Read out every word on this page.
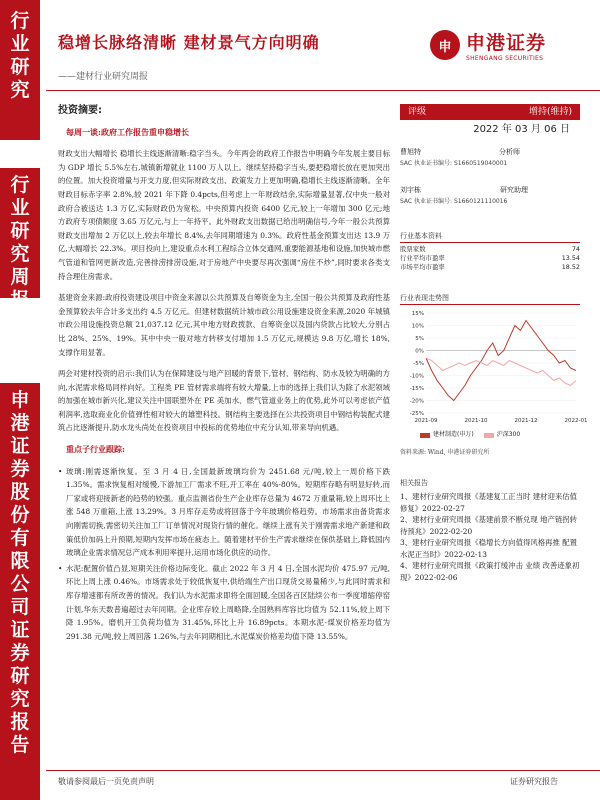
行
业
研
究
行
业
研
究
周
报
申
港
证
券
股
份
有
限
公
司
证
券
研
究
报
告
稳增长脉络清晰 建材景气方向明确
——建材行业研究周报
申 申港证券
SHENGANG SECURITIES
投资摘要:
每周一谈:政府工作报告重申稳增长

财政支出大幅增长 稳增长主线逐渐清晰:稳字当头。今年两会的政府工作报告中明确今年发展主要目标为 GDP 增长 5.5%左右,城镇新增就业 1100 万人以上。继续坚持稳字当头,要把稳增长放在更加突出的位置。加大投资增量与开支力度,但实际财政支出、政策发力上更加明确,稳增长主线逐渐清晰。全年财政目标赤字率 2.8%,较 2021 年下降 0.4pcts,但考虑上一年财政结余,实际增量显著,仅中央一般对政府合被送达 1.3 万亿,实际财政仍为宽松。中央预算内投资 6400 亿元,较上一年增加 300 亿元;地方政府专项债额度 3.65 万亿元,与上一年持平。此外财政支出数据已给出明确信号,今年一般公共预算财政支出增加 2 万亿以上,较去年增长 8.4%,去年同期增速为 0.3%。政府性基金预算支出达 13.9 万亿,大幅增长 22.3%。项目投向上,建设重点水利工程综合立体交通网,重要能源基地和设施,加快城市燃气管道和管网更新改造,完善排涝排涝设施,对于房地产中央要尽再次强调“房住不炒”,同时要求各类支持合理住房需求。

基建资金来源:政府投资建设项目中资金来源以公共预算及自筹资金为主,全国一般公共预算及政府性基金预算较去年合计多支出约 4.5 万亿元。但建材数据统计城市政公用设施建设资金来源,2020 年城镇市政公用设施投资总额 21,037.12 亿元,其中地方财政拨款、自筹资金以及国内贷款占比较大,分别占比 28%、25%、19%。其中中央一般对地方转移支付增加 1.5 万亿元,规模达 9.8 万亿,增长 18%,支撑作用显著。

两会对建材投资的启示:我们认为在保障建设与地产回暖的背景下,管材、钢结构、防水及较为明确的方向,水泥需求格局同样向好。工程类 PE 管材需求端将有较大增量,上市的选择上我们认为除了水泥领域的加强在城市新兴化,建议关注中国联塑外在 PE 美加水、燃气管道业务上的优势,此外可以考虑依产值利润率,选取商业化价值弹性相对较大的雄塑科技。钢结构主要选择在公共投资项目中钢结构装配式建筑占比逐渐提升,防水龙头尚处在投资项目中投标的优势地位中充分认知,带来导向机遇。

重点子行业跟踪:
• 玻璃:刚需逐渐恢复。至 3 月 4 日,全国最新玻璃均价为 2451.68 元/吨,较上一周价格下跌 1.35%。需求恢复相对缓慢,下游加工厂需求不旺,开工率在 40%-80%。短期库存略有明显好转,而厂家或将迎接新老的趋势的较强。重点监测省份生产企业库存总量为 4672 万重量箱,较上周环比上涨 548 万重箱,上涨 13.29%。3 月库存走势或将回落于今年玻璃价格趋势。市场需求由备货需求向刚需切换,需密切关注加工厂订单情况对现货行情的催化。继续上涨有关于刚需需求地产新建和政策低价加码上升预期,短期内发挥市场在疲态上。随着建材平价生产需求继续在保供基础上,降低国内玻璃企业需求情况总产成本利用率提升,运用市场化供应的动作。
• 水泥:配置价值凸显,短期关注价格边际变化。截止 2022 年 3 月 4 日,全国水泥均价 475.97 元/吨,环比上周上涨 0.46%。市场需求处于较低恢复中,供给端生产出口现货交易量稀少,与此同时需求和库存增速都有所改善的情况。我们认为水泥需求即将全面回暖,全国各百区陆续公布一季度增缩停窑计划,华东天数普遍超过去年同期。企业库存较上周略降,全国熟料库容比均值为 52.11%,较上周下降 1.95%。磨机开工负荷均值为 31.45%,环比上升 16.89pcts。本期水泥-煤炭价格差均值为 291.38 元/吨,较上周回落 1.26%,与去年同期相比,水泥煤炭价格差均值下降 13.55%。
评级	增持(维持)
2022 年 03 月 06 日
曹旭特	分析师
SAC 执业证书编号: S1660519040001
刘宇栋	研究助理
SAC 执业证书编号: S1660121110016
行业基本资料
股票家数	74
行业平均市盈率	13.54
市场平均市盈率	18.52
行业表现走势图
15%
10%
5%
0%
-5%
-10%
-15%
-20%
-25%
2021-09	2021-10	2021-12	2022-01
建材制造(申万)	沪深300
资料来源: Wind, 申港证券研究所
相关报告
1、建材行业研究周报《基建复工正当时 建材迎来估值修复》2022-02-27
2、建材行业研究周报《基建前景不断兑现 地产链拐转待预兆》2022-02-20
3、建材行业研究周报《稳增长方向值得风格再推 配置水泥正当时》2022-02-13
4、建材行业研究周报《政策打缓冲击 业绩 改善迹象初现》2022-02-06
敬请参阅最后一页免责声明	证券研究报告
